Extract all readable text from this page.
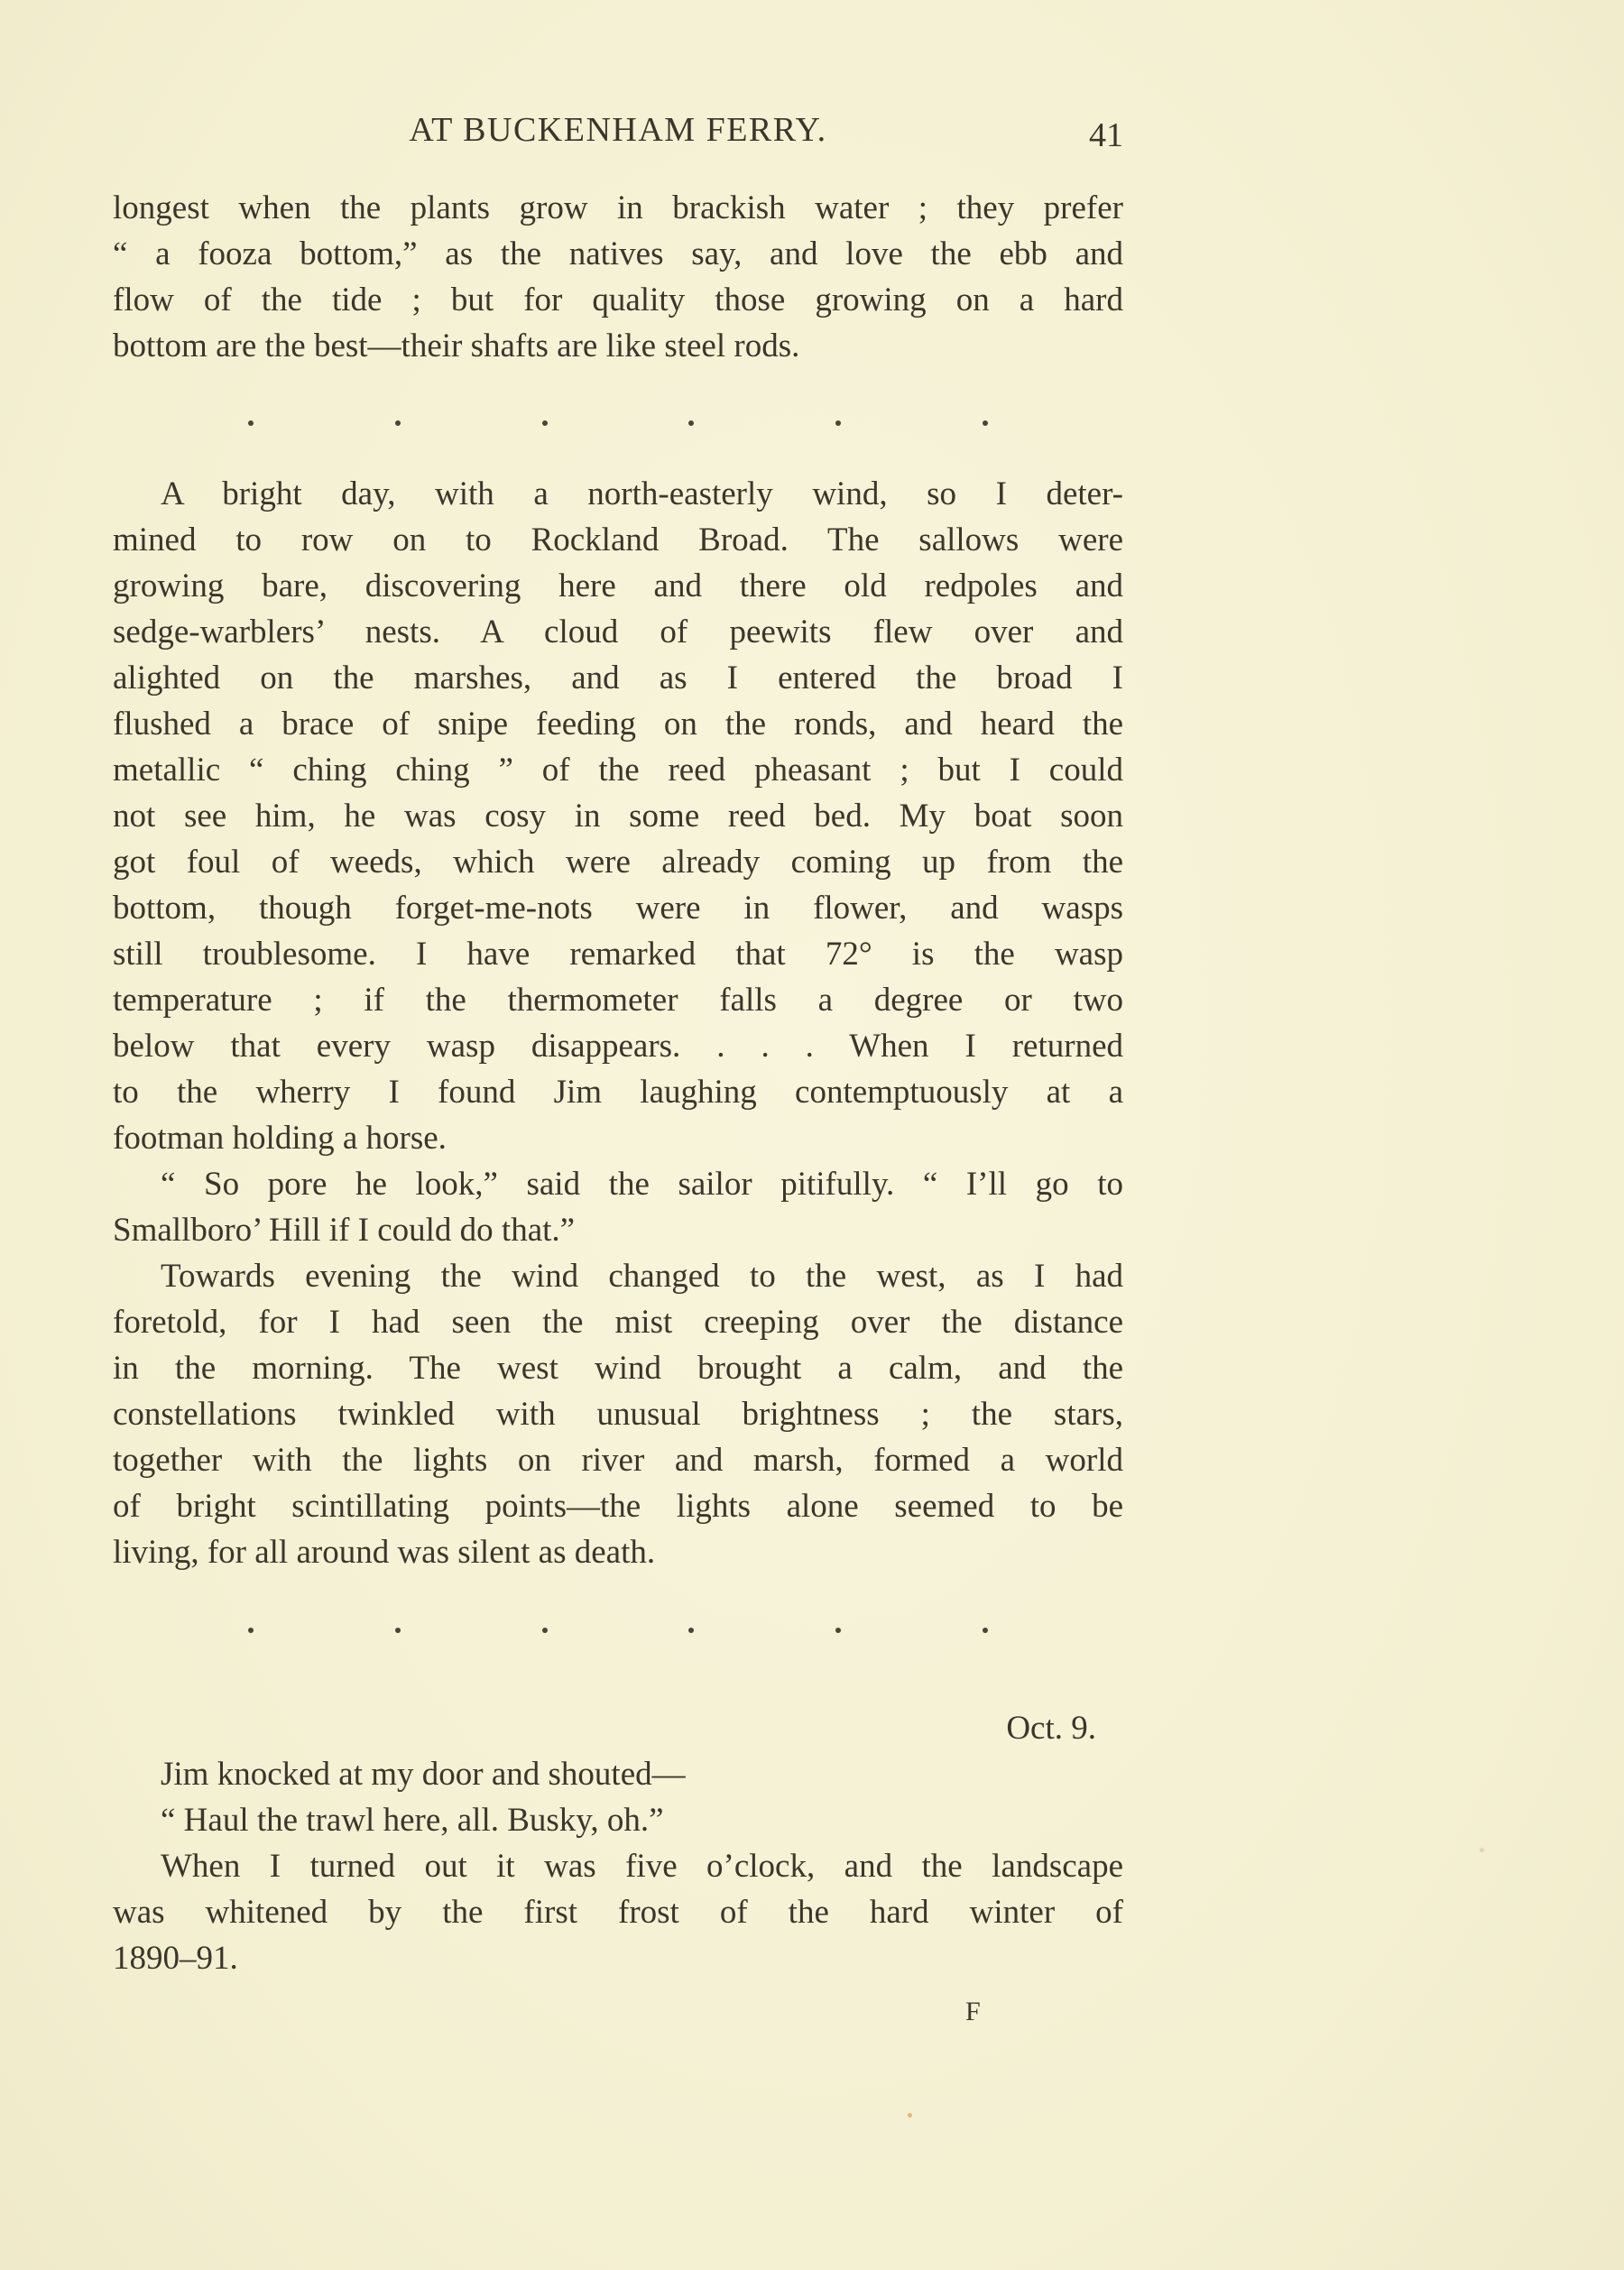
AT BUCKENHAM FERRY.	41
longest when the plants grow in brackish water ; they prefer
“ a fooza bottom,” as the natives say, and love the ebb and
flow of the tide ; but for quality those growing on a hard
bottom are the best—their shafts are like steel rods.
A bright day, with a north-easterly wind, so I deter-
mined to row on to Rockland Broad. The sallows were
growing bare, discovering here and there old redpoles and
sedge-warblers’ nests. A cloud of peewits flew over and
alighted on the marshes, and as I entered the broad I
flushed a brace of snipe feeding on the ronds, and heard the
metallic “ ching ching ” of the reed pheasant ; but I could
not see him, he was cosy in some reed bed. My boat soon
got foul of weeds, which were already coming up from the
bottom, though forget-me-nots were in flower, and wasps
still troublesome. I have remarked that 72° is the wasp
temperature ; if the thermometer falls a degree or two
below that every wasp disappears. . . . When I returned
to the wherry I found Jim laughing contemptuously at a
footman holding a horse.
“ So pore he look,” said the sailor pitifully. “ I’ll go to
Smallboro’ Hill if I could do that.”
Towards evening the wind changed to the west, as I had
foretold, for I had seen the mist creeping over the distance
in the morning. The west wind brought a calm, and the
constellations twinkled with unusual brightness ; the stars,
together with the lights on river and marsh, formed a world
of bright scintillating points—the lights alone seemed to be
living, for all around was silent as death.
Oct. 9.
Jim knocked at my door and shouted—
“ Haul the trawl here, all. Busky, oh.”
When I turned out it was five o’clock, and the landscape
was whitened by the first frost of the hard winter of
1890–91.
F
